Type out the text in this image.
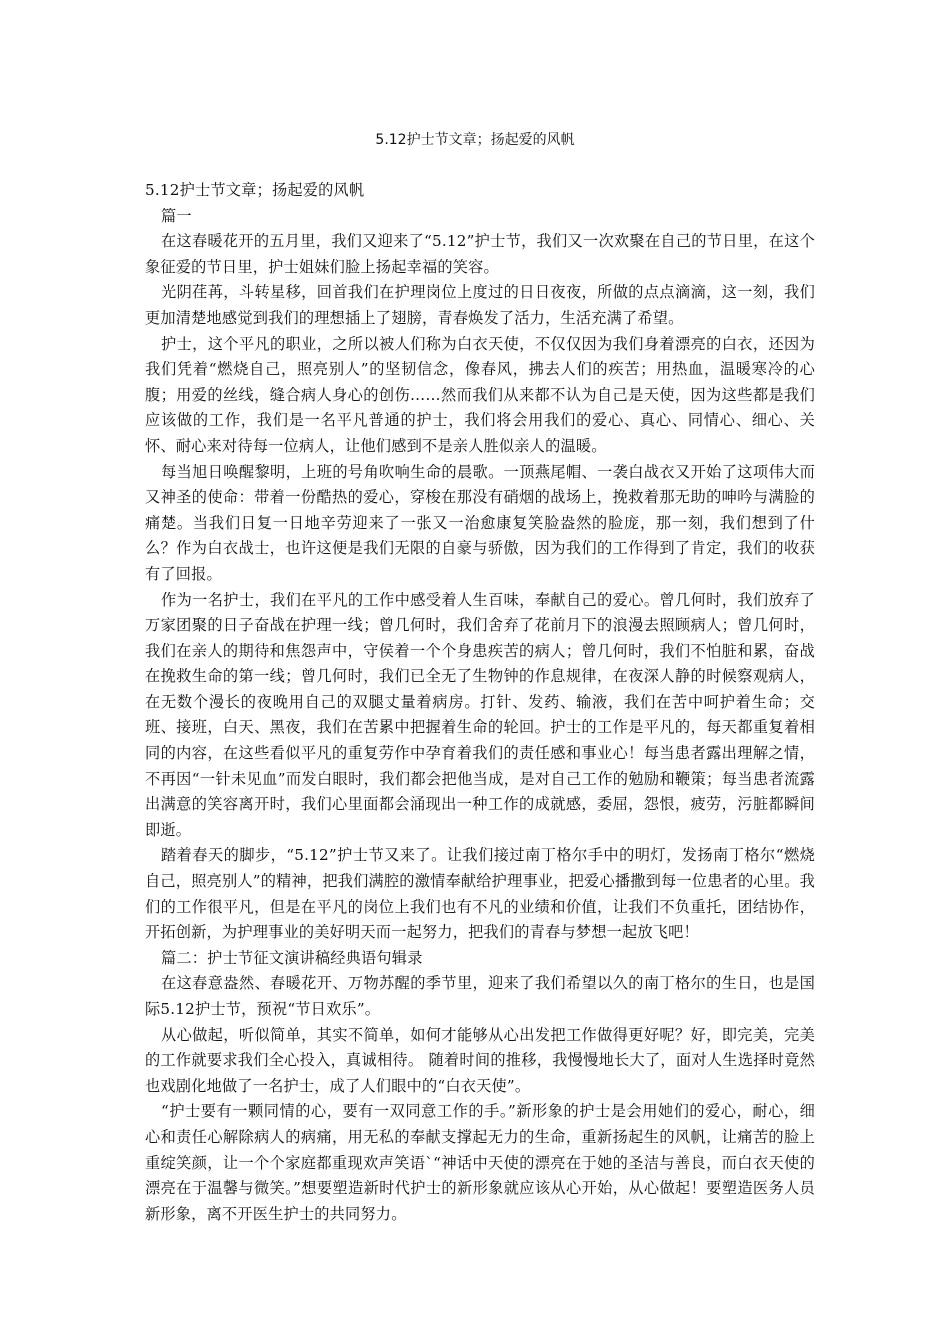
5.12护士节文章；扬起爱的风帆

5.12护士节文章；扬起爱的风帆

篇一

在这春暖花开的五月里，我们又迎来了“5.12”护士节，我们又一次欢聚在自己的节日里，在这个象征爱的节日里，护士姐妹们脸上扬起幸福的笑容。

光阴荏苒，斗转星移，回首我们在护理岗位上度过的日日夜夜，所做的点点滴滴，这一刻，我们更加清楚地感觉到我们的理想插上了翅膀，青春焕发了活力，生活充满了希望。

护士，这个平凡的职业，之所以被人们称为白衣天使，不仅仅因为我们身着漂亮的白衣，还因为我们凭着“燃烧自己，照亮别人”的坚韧信念，像春风，拂去人们的疾苦；用热血，温暖寒冷的心腹；用爱的丝线，缝合病人身心的创伤……然而我们从来都不认为自己是天使，因为这些都是我们应该做的工作，我们是一名平凡普通的护士，我们将会用我们的爱心、真心、同情心、细心、关怀、耐心来对待每一位病人，让他们感到不是亲人胜似亲人的温暖。

每当旭日唤醒黎明，上班的号角吹响生命的晨歌。一顶燕尾帽、一袭白战衣又开始了这项伟大而又神圣的使命：带着一份酷热的爱心，穿梭在那没有硝烟的战场上，挽救着那无助的呻吟与满脸的痛楚。当我们日复一日地辛劳迎来了一张又一治愈康复笑脸盎然的脸庞，那一刻，我们想到了什么？作为白衣战士，也许这便是我们无限的自豪与骄傲，因为我们的工作得到了肯定，我们的收获有了回报。

作为一名护士，我们在平凡的工作中感受着人生百味，奉献自己的爱心。曾几何时，我们放弃了万家团聚的日子奋战在护理一线；曾几何时，我们舍弃了花前月下的浪漫去照顾病人；曾几何时，我们在亲人的期待和焦怨声中，守侯着一个个身患疾苦的病人；曾几何时，我们不怕脏和累，奋战在挽救生命的第一线；曾几何时，我们已全无了生物钟的作息规律，在夜深人静的时候察观病人，在无数个漫长的夜晚用自己的双腿丈量着病房。打针、发药、输液，我们在苦中呵护着生命；交班、接班，白天、黑夜，我们在苦累中把握着生命的轮回。护士的工作是平凡的，每天都重复着相同的内容，在这些看似平凡的重复劳作中孕育着我们的责任感和事业心！每当患者露出理解之情，不再因“一针未见血”而发白眼时，我们都会把他当成，是对自己工作的勉励和鞭策；每当患者流露出满意的笑容离开时，我们心里面都会涌现出一种工作的成就感，委屈，怨恨，疲劳，污脏都瞬间即逝。

踏着春天的脚步，“5.12”护士节又来了。让我们接过南丁格尔手中的明灯，发扬南丁格尔“燃烧自己，照亮别人”的精神，把我们满腔的激情奉献给护理事业，把爱心播撒到每一位患者的心里。我们的工作很平凡，但是在平凡的岗位上我们也有不凡的业绩和价值，让我们不负重托，团结协作，开拓创新，为护理事业的美好明天而一起努力，把我们的青春与梦想一起放飞吧！

篇二：护士节征文演讲稿经典语句辑录

在这春意盎然、春暖花开、万物苏醒的季节里，迎来了我们希望以久的南丁格尔的生日，也是国际5.12护士节，预祝“节日欢乐”。

从心做起，听似简单，其实不简单，如何才能够从心出发把工作做得更好呢？好，即完美，完美的工作就要求我们全心投入，真诚相待。 随着时间的推移，我慢慢地长大了，面对人生选择时竟然也戏剧化地做了一名护士，成了人们眼中的“白衣天使”。

“护士要有一颗同情的心，要有一双同意工作的手。”新形象的护士是会用她们的爱心，耐心，细心和责任心解除病人的病痛，用无私的奉献支撑起无力的生命，重新扬起生的风帆，让痛苦的脸上重绽笑颜，让一个个家庭都重现欢声笑语`“神话中天使的漂亮在于她的圣洁与善良，而白衣天使的漂亮在于温馨与微笑。”想要塑造新时代护士的新形象就应该从心开始，从心做起！要塑造医务人员新形象，离不开医生护士的共同努力。
